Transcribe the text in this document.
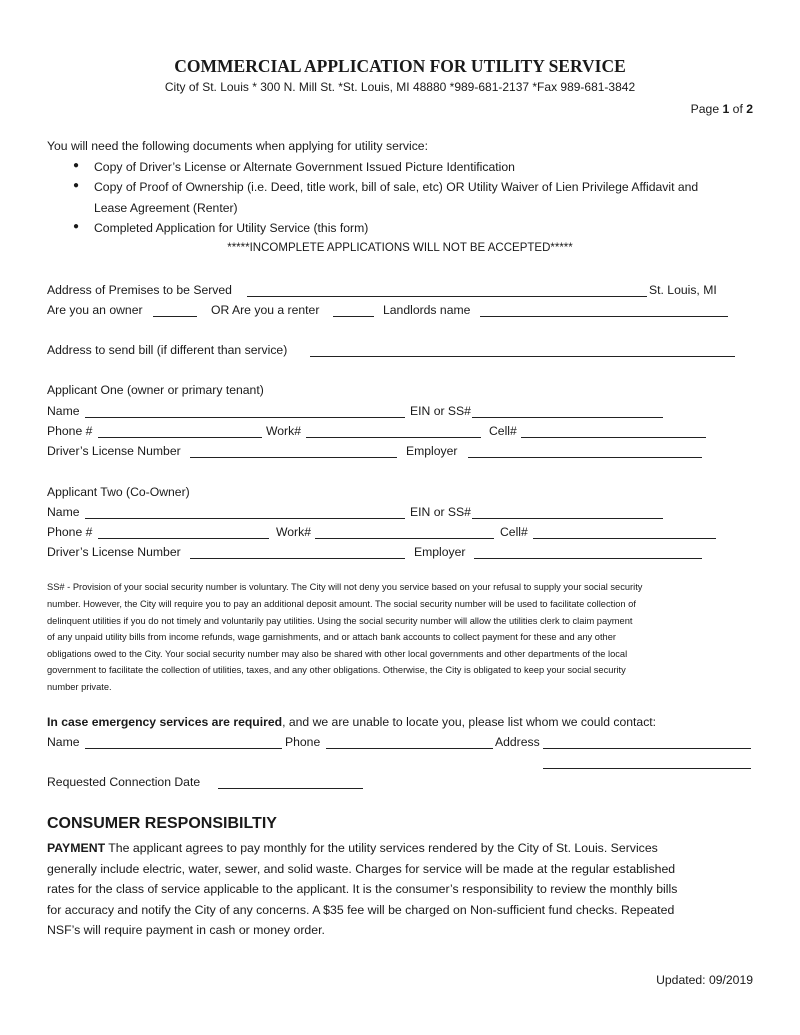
COMMERCIAL APPLICATION FOR UTILITY SERVICE
City of St. Louis * 300 N. Mill St. *St. Louis, MI 48880 *989-681-2137 *Fax 989-681-3842
Page 1 of 2
You will need the following documents when applying for utility service:
● Copy of Driver’s License or Alternate Government Issued Picture Identification
● Copy of Proof of Ownership (i.e. Deed, title work, bill of sale, etc) OR Utility Waiver of Lien Privilege Affidavit and
Lease Agreement (Renter)
● Completed Application for Utility Service (this form)
*****INCOMPLETE APPLICATIONS WILL NOT BE ACCEPTED*****
Address of Premises to be Served	St. Louis, MI
Are you an owner	OR Are you a renter	Landlords name
Address to send bill (if different than service)
Applicant One (owner or primary tenant)
Name	EIN or SS#
Phone #	Work#	Cell#
Driver’s License Number	Employer
Applicant Two (Co-Owner)
Name	EIN or SS#
Phone #	Work#	Cell#
Driver’s License Number	Employer
SS# - Provision of your social security number is voluntary. The City will not deny you service based on your refusal to supply your social security
number. However, the City will require you to pay an additional deposit amount. The social security number will be used to facilitate collection of
delinquent utilities if you do not timely and voluntarily pay utilities. Using the social security number will allow the utilities clerk to claim payment
of any unpaid utility bills from income refunds, wage garnishments, and or attach bank accounts to collect payment for these and any other
obligations owed to the City. Your social security number may also be shared with other local governments and other departments of the local
government to facilitate the collection of utilities, taxes, and any other obligations. Otherwise, the City is obligated to keep your social security
number private.
In case emergency services are required, and we are unable to locate you, please list whom we could contact:
Name	Phone	Address
Requested Connection Date
CONSUMER RESPONSIBILTIY
PAYMENT The applicant agrees to pay monthly for the utility services rendered by the City of St. Louis. Services
generally include electric, water, sewer, and solid waste. Charges for service will be made at the regular established
rates for the class of service applicable to the applicant. It is the consumer’s responsibility to review the monthly bills
for accuracy and notify the City of any concerns. A $35 fee will be charged on Non-sufficient fund checks. Repeated
NSF’s will require payment in cash or money order.
Updated: 09/2019
